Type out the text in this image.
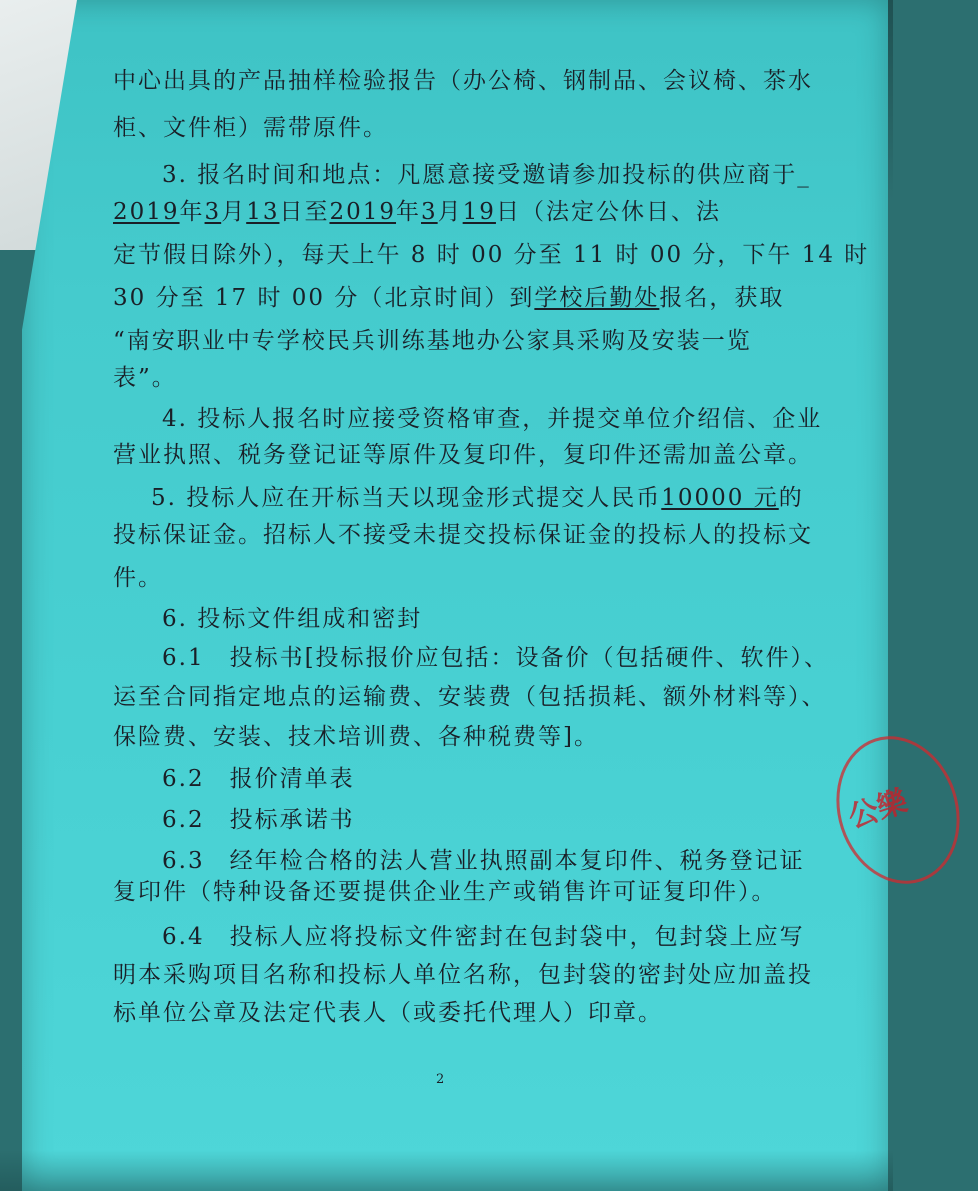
中心出具的产品抽样检验报告（办公椅、钢制品、会议椅、茶水
柜、文件柜）需带原件。
3. 报名时间和地点：凡愿意接受邀请参加投标的供应商于_
2019年3月13日至2019年3月19日（法定公休日、法
定节假日除外），每天上午 8 时 00 分至 11 时 00 分，下午 14 时
30 分至 17 时 00 分（北京时间）到学校后勤处报名，获取
“南安职业中专学校民兵训练基地办公家具采购及安装一览
表”。
4. 投标人报名时应接受资格审查，并提交单位介绍信、企业
营业执照、税务登记证等原件及复印件，复印件还需加盖公章。
5. 投标人应在开标当天以现金形式提交人民币10000 元的
投标保证金。招标人不接受未提交投标保证金的投标人的投标文
件。
6. 投标文件组成和密封
6.1　投标书[投标报价应包括：设备价（包括硬件、软件）、
运至合同指定地点的运输费、安装费（包括损耗、额外材料等）、
保险费、安装、技术培训费、各种税费等]。
6.2　报价清单表
6.2　投标承诺书
6.3　经年检合格的法人营业执照副本复印件、税务登记证
复印件（特种设备还要提供企业生产或销售许可证复印件）。
6.4　投标人应将投标文件密封在包封袋中，包封袋上应写
明本采购项目名称和投标人单位名称，包封袋的密封处应加盖投
标单位公章及法定代表人（或委托代理人）印章。
2
公樂
